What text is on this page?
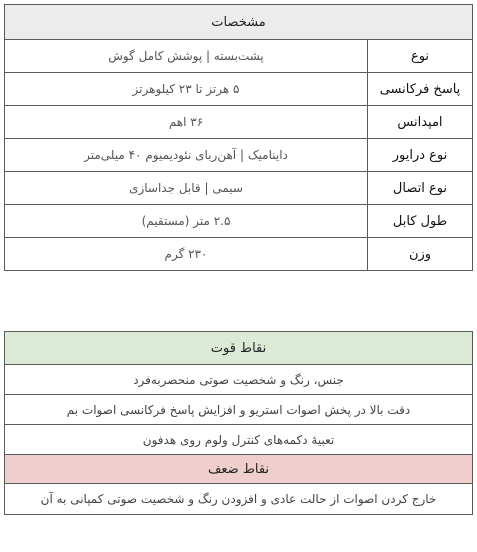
مشخصات	
نوع	پشت‌بسته | پوشش کامل گوش
پاسخ فرکانسی	۵ هرتز تا ۲۳ کیلوهرتز
امپدانس	۳۶ اهم
نوع درایور	داینامیک | آهن‌ربای نئودیمیوم ۴۰ میلی‌متر
نوع اتصال	سیمی | قابل جداسازی
طول کابل	۲.۵ متر (مستقیم)
وزن	۲۳۰ گرم
نقاط قوت
جنس، رنگ و شخصیت صوتی منحصربه‌فرد
دقت بالا در پخش اصوات استریو و افزایش پاسخ فرکانسی اصوات بم
تعبیهٔ دکمه‌های کنترل ولوم روی هدفون
نقاط ضعف
خارج کردن اصوات از حالت عادی و افزودن رنگ و شخصیت صوتی کمپانی به آن
